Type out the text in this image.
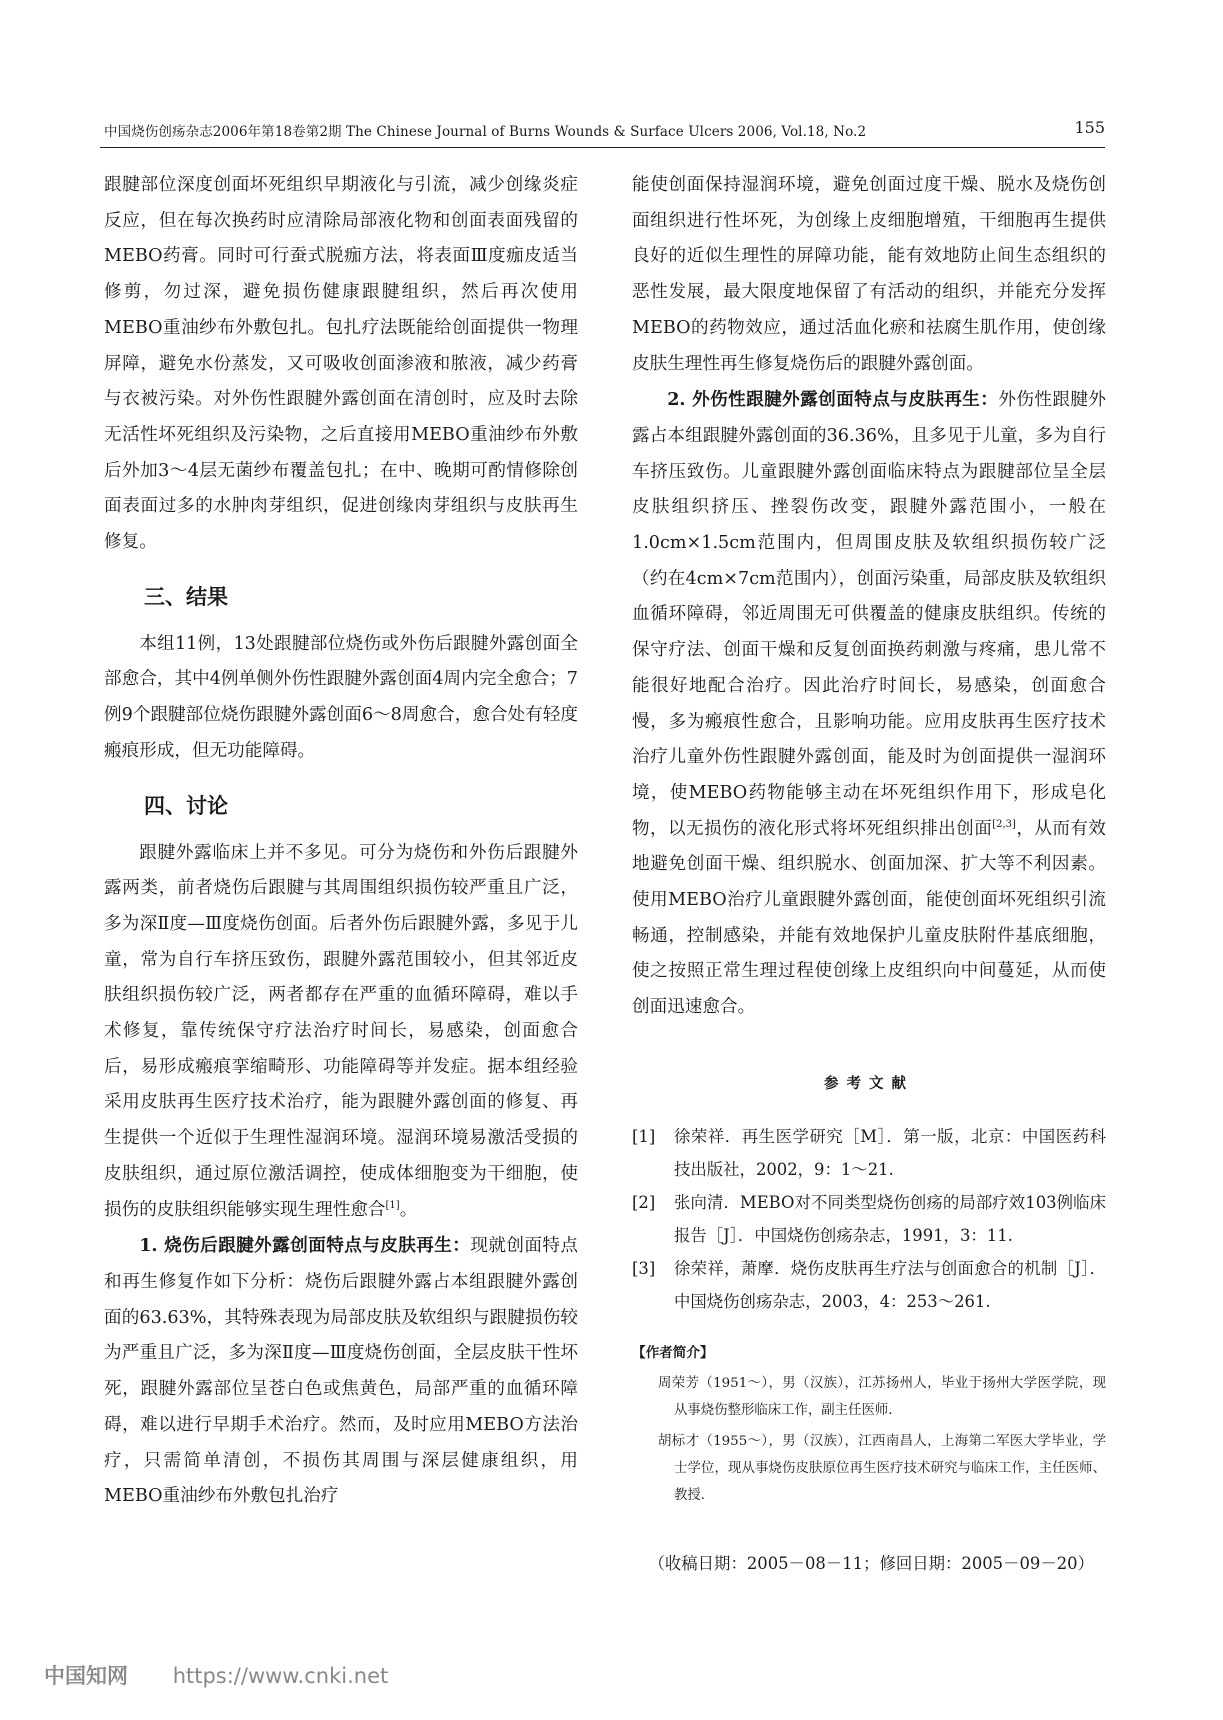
中国烧伤创疡杂志2006年第18卷第2期 The Chinese Journal of Burns Wounds & Surface Ulcers 2006, Vol.18, No.2	155

跟腱部位深度创面坏死组织早期液化与引流，减少创缘炎症反应，但在每次换药时应清除局部液化物和创面表面残留的MEBO药膏。同时可行蚕式脱痂方法，将表面Ⅲ度痂皮适当修剪，勿过深，避免损伤健康跟腱组织，然后再次使用MEBO重油纱布外敷包扎。包扎疗法既能给创面提供一物理屏障，避免水份蒸发，又可吸收创面渗液和脓液，减少药膏与衣被污染。对外伤性跟腱外露创面在清创时，应及时去除无活性坏死组织及污染物，之后直接用MEBO重油纱布外敷后外加3～4层无菌纱布覆盖包扎；在中、晚期可酌情修除创面表面过多的水肿肉芽组织，促进创缘肉芽组织与皮肤再生修复。

三、结果

本组11例，13处跟腱部位烧伤或外伤后跟腱外露创面全部愈合，其中4例单侧外伤性跟腱外露创面4周内完全愈合；7例9个跟腱部位烧伤跟腱外露创面6～8周愈合，愈合处有轻度瘢痕形成，但无功能障碍。

四、讨论

跟腱外露临床上并不多见。可分为烧伤和外伤后跟腱外露两类，前者烧伤后跟腱与其周围组织损伤较严重且广泛，多为深Ⅱ度—Ⅲ度烧伤创面。后者外伤后跟腱外露，多见于儿童，常为自行车挤压致伤，跟腱外露范围较小，但其邻近皮肤组织损伤较广泛，两者都存在严重的血循环障碍，难以手术修复，靠传统保守疗法治疗时间长，易感染，创面愈合后，易形成瘢痕挛缩畸形、功能障碍等并发症。据本组经验采用皮肤再生医疗技术治疗，能为跟腱外露创面的修复、再生提供一个近似于生理性湿润环境。湿润环境易激活受损的皮肤组织，通过原位激活调控，使成体细胞变为干细胞，使损伤的皮肤组织能够实现生理性愈合[1]。

1. 烧伤后跟腱外露创面特点与皮肤再生：现就创面特点和再生修复作如下分析：烧伤后跟腱外露占本组跟腱外露创面的63.63%，其特殊表现为局部皮肤及软组织与跟腱损伤较为严重且广泛，多为深Ⅱ度—Ⅲ度烧伤创面，全层皮肤干性坏死，跟腱外露部位呈苍白色或焦黄色，局部严重的血循环障碍，难以进行早期手术治疗。然而，及时应用MEBO方法治疗，只需简单清创，不损伤其周围与深层健康组织，用MEBO重油纱布外敷包扎治疗

能使创面保持湿润环境，避免创面过度干燥、脱水及烧伤创面组织进行性坏死，为创缘上皮细胞增殖，干细胞再生提供良好的近似生理性的屏障功能，能有效地防止间生态组织的恶性发展，最大限度地保留了有活动的组织，并能充分发挥MEBO的药物效应，通过活血化瘀和祛腐生肌作用，使创缘皮肤生理性再生修复烧伤后的跟腱外露创面。

2. 外伤性跟腱外露创面特点与皮肤再生：外伤性跟腱外露占本组跟腱外露创面的36.36%，且多见于儿童，多为自行车挤压致伤。儿童跟腱外露创面临床特点为跟腱部位呈全层皮肤组织挤压、挫裂伤改变，跟腱外露范围小，一般在1.0cm×1.5cm范围内，但周围皮肤及软组织损伤较广泛（约在4cm×7cm范围内），创面污染重，局部皮肤及软组织血循环障碍，邻近周围无可供覆盖的健康皮肤组织。传统的保守疗法、创面干燥和反复创面换药刺激与疼痛，患儿常不能很好地配合治疗。因此治疗时间长，易感染，创面愈合慢，多为瘢痕性愈合，且影响功能。应用皮肤再生医疗技术治疗儿童外伤性跟腱外露创面，能及时为创面提供一湿润环境，使MEBO药物能够主动在坏死组织作用下，形成皂化物，以无损伤的液化形式将坏死组织排出创面[2,3]，从而有效地避免创面干燥、组织脱水、创面加深、扩大等不利因素。使用MEBO治疗儿童跟腱外露创面，能使创面坏死组织引流畅通，控制感染，并能有效地保护儿童皮肤附件基底细胞，使之按照正常生理过程使创缘上皮组织向中间蔓延，从而使创面迅速愈合。

参考文献
[1]	徐荣祥．再生医学研究［M］．第一版，北京：中国医药科技出版社，2002，9：1～21.
[2]	张向清．MEBO对不同类型烧伤创疡的局部疗效103例临床报告［J］．中国烧伤创疡杂志，1991，3：11.
[3]	徐荣祥，萧摩．烧伤皮肤再生疗法与创面愈合的机制［J］．中国烧伤创疡杂志，2003，4：253～261.
【作者简介】
周荣芳（1951～），男（汉族），江苏扬州人，毕业于扬州大学医学院，现从事烧伤整形临床工作，副主任医师．
胡标才（1955～），男（汉族），江西南昌人，上海第二军医大学毕业，学士学位，现从事烧伤皮肤原位再生医疗技术研究与临床工作，主任医师、教授．
（收稿日期：2005－08－11；修回日期：2005－09－20）
中国知网 https://www.cnki.net
